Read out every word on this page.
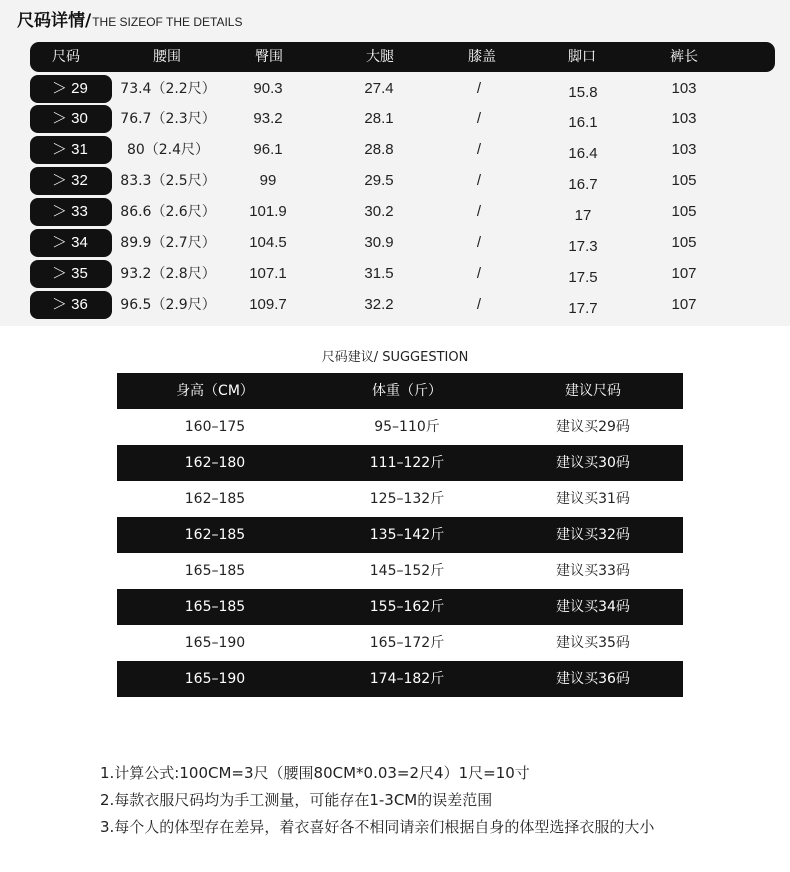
尺码详情/ THE SIZEOF THE DETAILS
尺码	腰围	臀围	大腿	膝盖	脚口	裤长
＞ 29	73.4（2.2尺）	90.3	27.4	/	15.8	103
＞ 30	76.7（2.3尺）	93.2	28.1	/	16.1	103
＞ 31	80（2.4尺）	96.1	28.8	/	16.4	103
＞ 32	83.3（2.5尺）	99	29.5	/	16.7	105
＞ 33	86.6（2.6尺）	101.9	30.2	/	17	105
＞ 34	89.9（2.7尺）	104.5	30.9	/	17.3	105
＞ 35	93.2（2.8尺）	107.1	31.5	/	17.5	107
＞ 36	96.5（2.9尺）	109.7	32.2	/	17.7	107
尺码建议/ SUGGESTION
身高（CM）	体重（斤）	建议尺码
160–175	95–110斤	建议买29码
162–180	111–122斤	建议买30码
162–185	125–132斤	建议买31码
162–185	135–142斤	建议买32码
165–185	145–152斤	建议买33码
165–185	155–162斤	建议买34码
165–190	165–172斤	建议买35码
165–190	174–182斤	建议买36码
1.计算公式:100CM=3尺（腰围80CM*0.03=2尺4）1尺=10寸
2.每款衣服尺码均为手工测量，可能存在1-3CM的误差范围
3.每个人的体型存在差异，着衣喜好各不相同请亲们根据自身的体型选择衣服的大小
